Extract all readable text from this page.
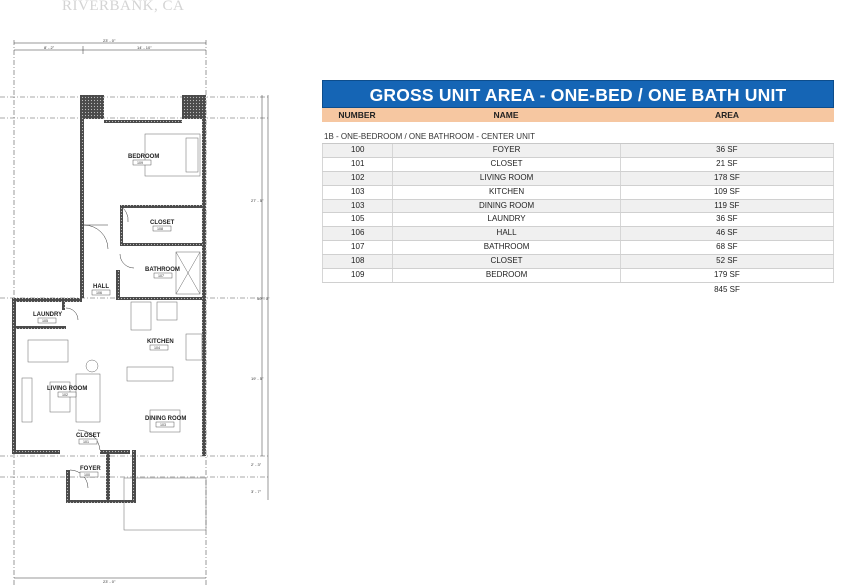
RIVERBANK, CA
23' - 0"
8' - 2"	14' - 10"
23' - 0"
27' - 5"
50' - 0"
19' - 5"
2' - 3"
3' - 7"
BEDROOM
109
CLOSET
108
BATHROOM
107
HALL
106
LAUNDRY
105
KITCHEN
104
LIVING ROOM
102
DINING ROOM
103
CLOSET
101
FOYER
100
GROSS UNIT AREA - ONE-BED / ONE BATH UNIT
NUMBER	NAME	AREA
1B - ONE-BEDROOM / ONE BATHROOM - CENTER UNIT
100	FOYER	36 SF
101	CLOSET	21 SF
102	LIVING ROOM	178 SF
103	KITCHEN	109 SF
103	DINING ROOM	119 SF
105	LAUNDRY	36 SF
106	HALL	46 SF
107	BATHROOM	68 SF
108	CLOSET	52 SF
109	BEDROOM	179 SF
845 SF
